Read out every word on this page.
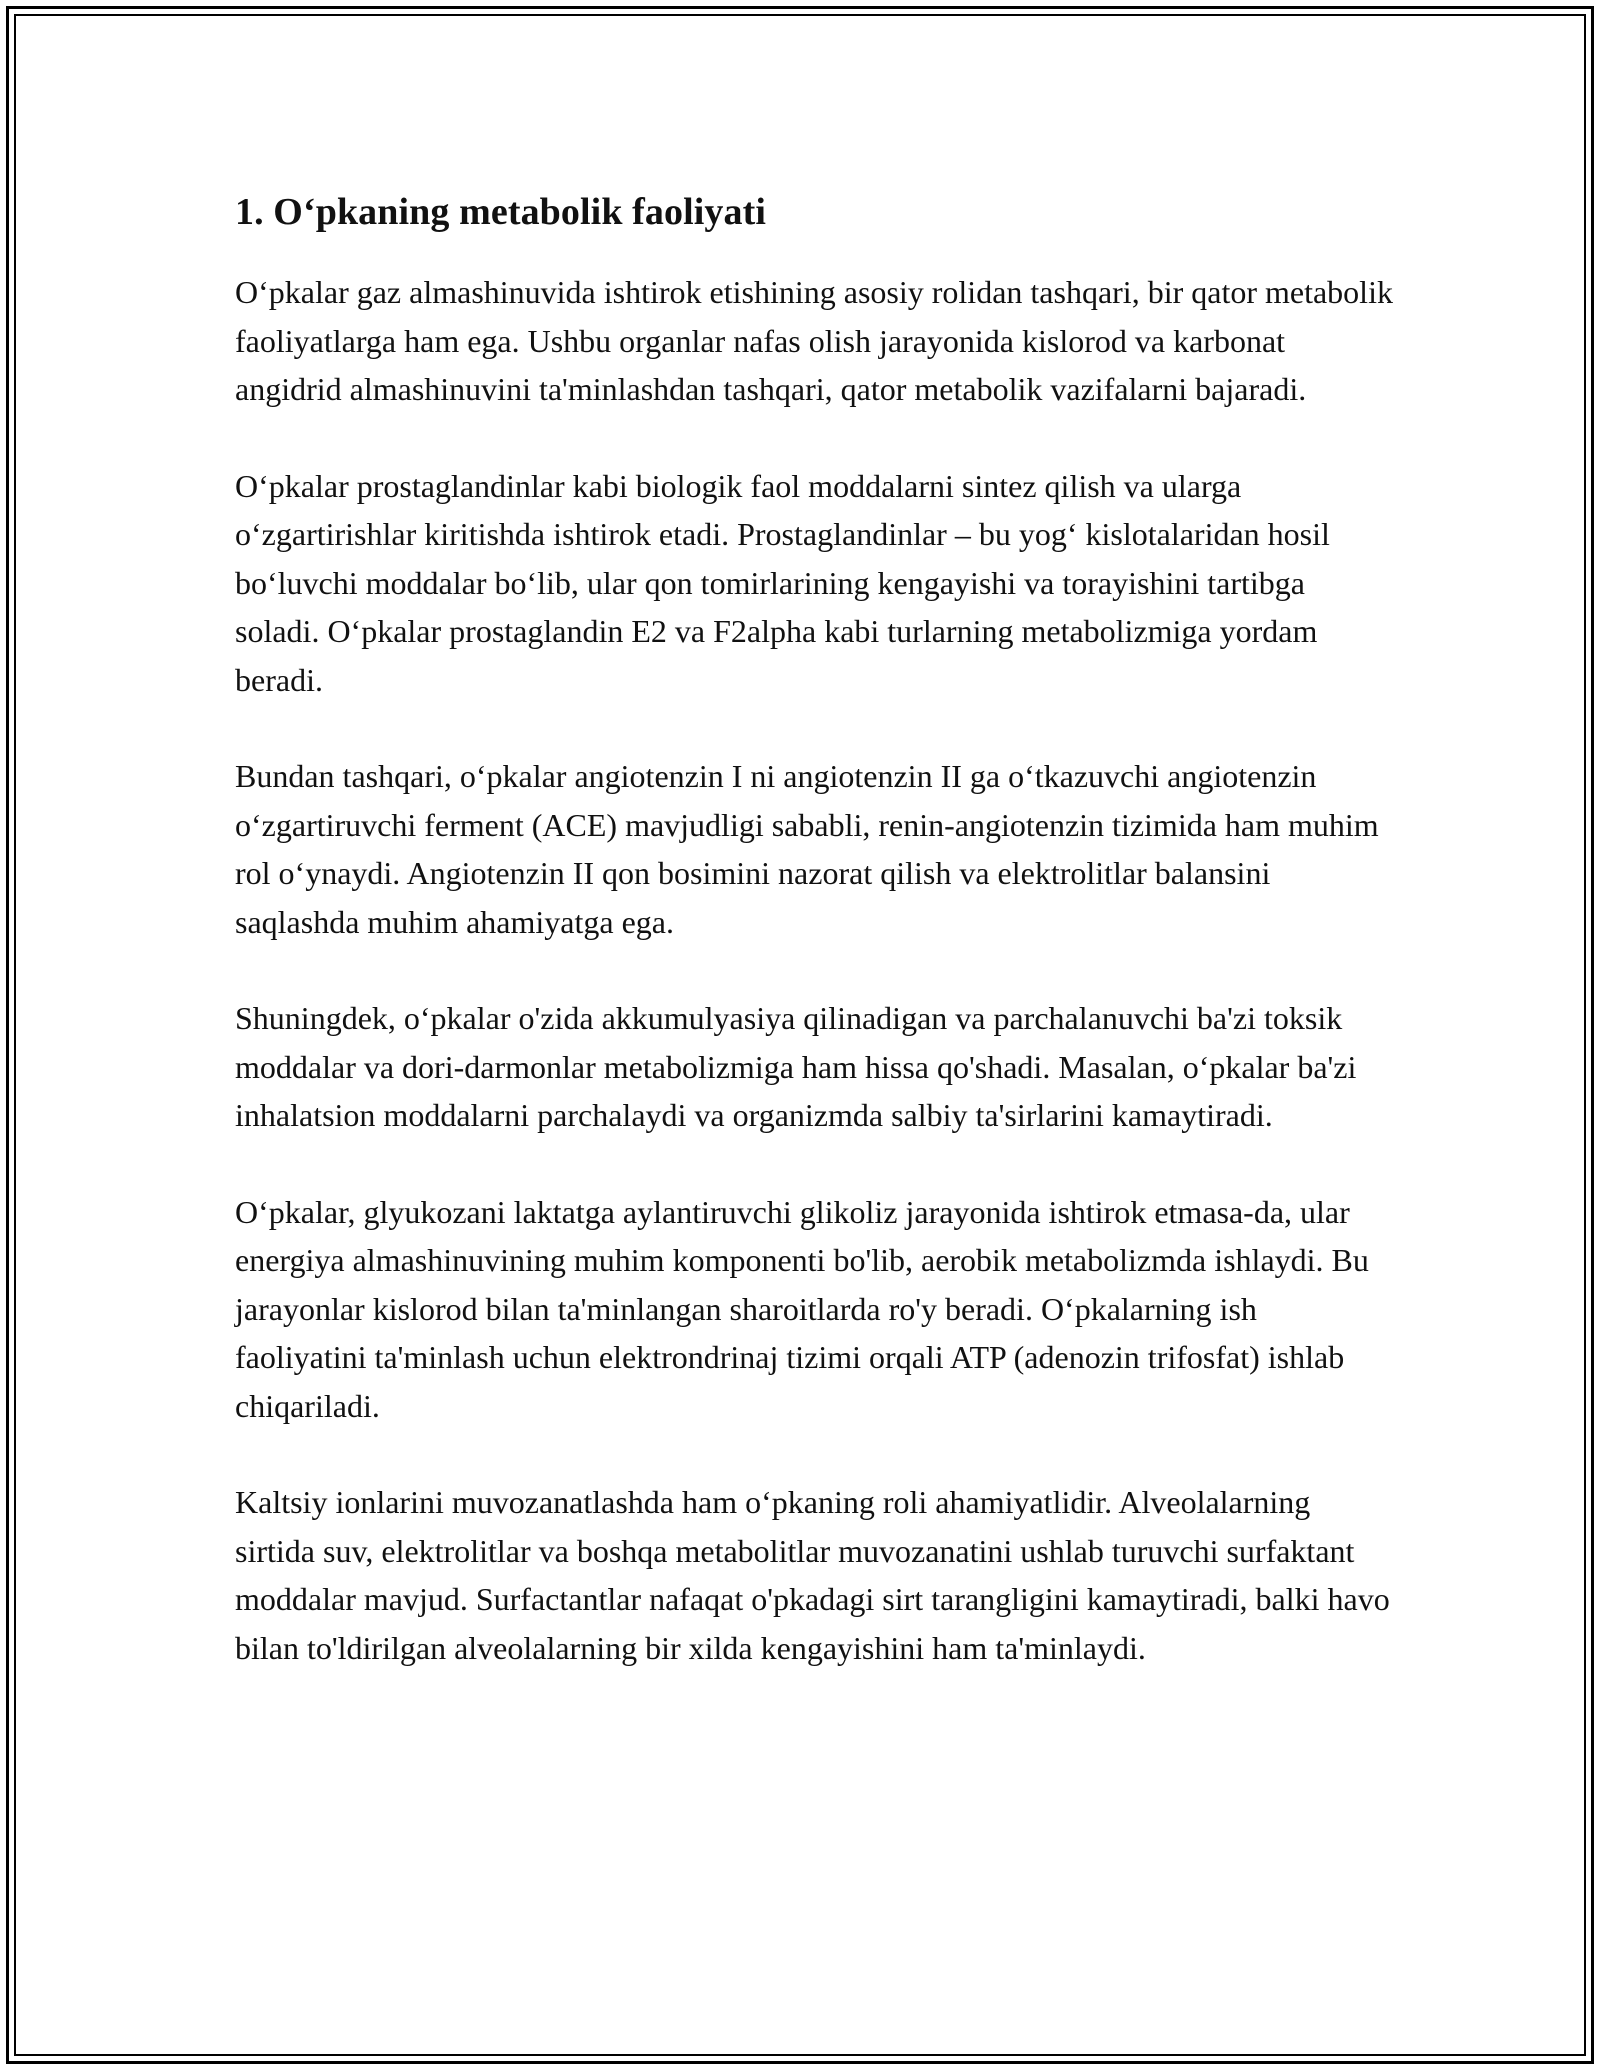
1. O‘pkaning metabolik faoliyati

O‘pkalar gaz almashinuvida ishtirok etishining asosiy rolidan tashqari, bir qator metabolik faoliyatlarga ham ega. Ushbu organlar nafas olish jarayonida kislorod va karbonat angidrid almashinuvini ta'minlashdan tashqari, qator metabolik vazifalarni bajaradi.

O‘pkalar prostaglandinlar kabi biologik faol moddalarni sintez qilish va ularga o‘zgartirishlar kiritishda ishtirok etadi. Prostaglandinlar – bu yog‘ kislotalaridan hosil bo‘luvchi moddalar bo‘lib, ular qon tomirlarining kengayishi va torayishini tartibga soladi. O‘pkalar prostaglandin E2 va F2alpha kabi turlarning metabolizmiga yordam beradi.

Bundan tashqari, o‘pkalar angiotenzin I ni angiotenzin II ga o‘tkazuvchi angiotenzin o‘zgartiruvchi ferment (ACE) mavjudligi sababli, renin-angiotenzin tizimida ham muhim rol o‘ynaydi. Angiotenzin II qon bosimini nazorat qilish va elektrolitlar balansini saqlashda muhim ahamiyatga ega.

Shuningdek, o‘pkalar o'zida akkumulyasiya qilinadigan va parchalanuvchi ba'zi toksik moddalar va dori-darmonlar metabolizmiga ham hissa qo'shadi. Masalan, o‘pkalar ba'zi inhalatsion moddalarni parchalaydi va organizmda salbiy ta'sirlarini kamaytiradi.

O‘pkalar, glyukozani laktatga aylantiruvchi glikoliz jarayonida ishtirok etmasa-da, ular energiya almashinuvining muhim komponenti bo'lib, aerobik metabolizmda ishlaydi. Bu jarayonlar kislorod bilan ta'minlangan sharoitlarda ro'y beradi. O‘pkalarning ish faoliyatini ta'minlash uchun elektrondrinaj tizimi orqali ATP (adenozin trifosfat) ishlab chiqariladi.

Kaltsiy ionlarini muvozanatlashda ham o‘pkaning roli ahamiyatlidir. Alveolalarning sirtida suv, elektrolitlar va boshqa metabolitlar muvozanatini ushlab turuvchi surfaktant moddalar mavjud. Surfactantlar nafaqat o'pkadagi sirt tarangligini kamaytiradi, balki havo bilan to'ldirilgan alveolalarning bir xilda kengayishini ham ta'minlaydi.
